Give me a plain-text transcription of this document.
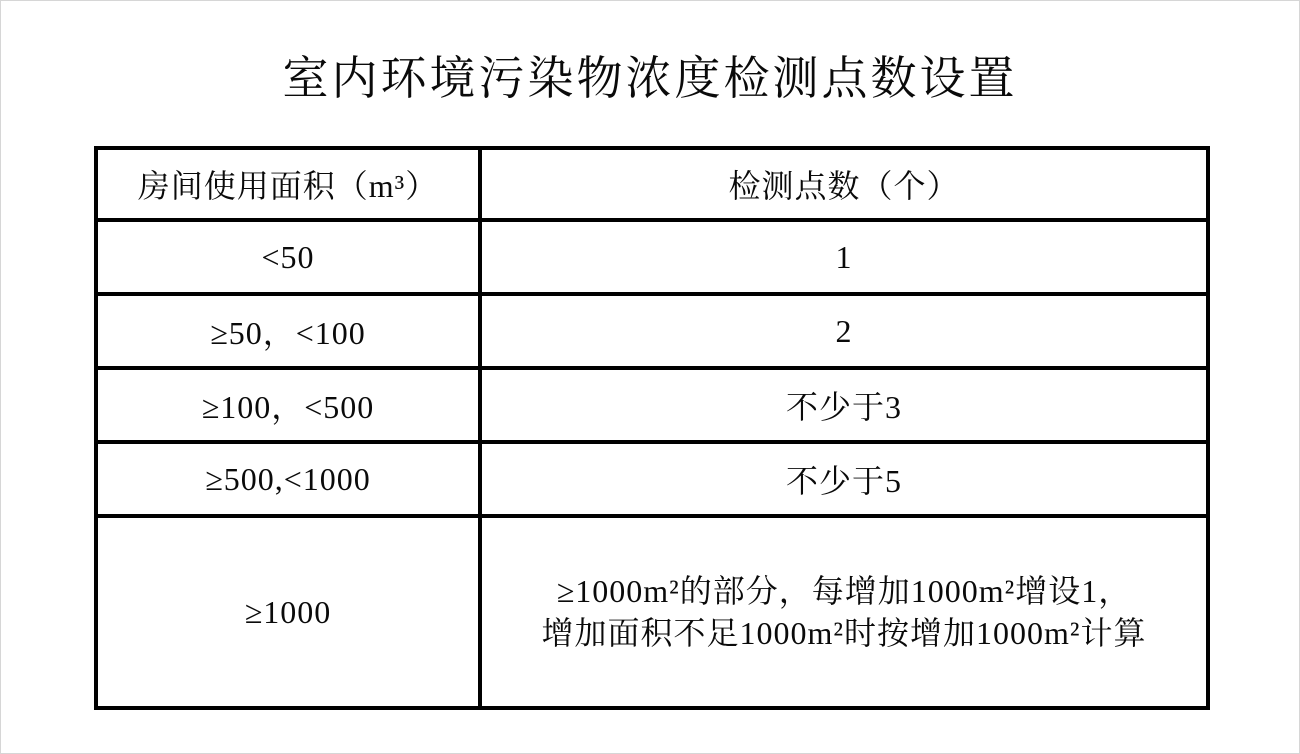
室内环境污染物浓度检测点数设置
房间使用面积（m³）	检测点数（个）
<50	1
≥50，<100	2
≥100，<500	不少于3
≥500,<1000	不少于5
≥1000	≥1000m²的部分，每增加1000m²增设1，
增加面积不足1000m²时按增加1000m²计算
